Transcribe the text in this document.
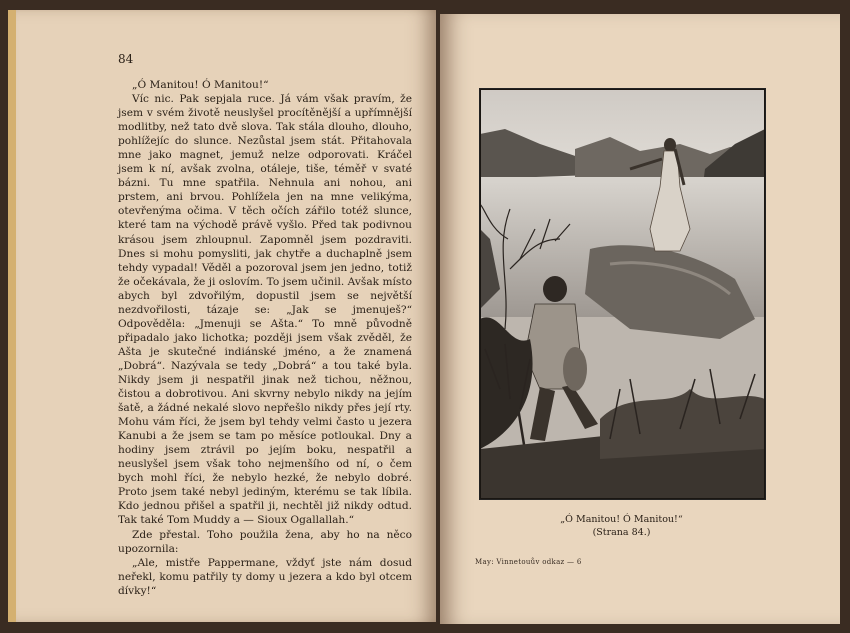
84

„Ó Manitou! Ó Manitou!“

Víc nic. Pak sepjala ruce. Já vám však pravím, že jsem v svém životě neuslyšel procítěnější a upřímnější modlitby, než tato dvě slova. Tak stála dlouho, dlouho, pohlížejíc do slunce. Nezůstal jsem stát. Přitahovala mne jako magnet, jemuž nelze odporovati. Kráčel jsem k ní, avšak zvolna, otáleje, tiše, téměř v svaté bázni. Tu mne spatřila. Nehnula ani nohou, ani prstem, ani brvou. Pohlížela jen na mne velikýma, otevřenýma očima. V těch očích zářilo totéž slunce, které tam na východě právě vyšlo. Před tak podivnou krásou jsem zhloupnul. Zapomněl jsem pozdraviti. Dnes si mohu pomysliti, jak chytře a duchaplně jsem tehdy vypadal! Věděl a pozoroval jsem jen jedno, totiž že očekávala, že ji oslovím. To jsem učinil. Avšak místo abych byl zdvořilým, dopustil jsem se největší nezdvořilosti, tázaje se: „Jak se jmenuješ?“ Odpověděla: „Jmenuji se Ašta.“ To mně původně připadalo jako lichotka; později jsem však zvěděl, že Ašta je skutečné indiánské jméno, a že znamená „Dobrá“. Nazývala se tedy „Dobrá“ a tou také byla. Nikdy jsem ji nespatřil jinak než tichou, něžnou, čistou a dobrotivou. Ani skvrny nebylo nikdy na jejím šatě, a žádné nekalé slovo nepřešlo nikdy přes její rty. Mohu vám říci, že jsem byl tehdy velmi často u jezera Kanubi a že jsem se tam po měsíce potloukal. Dny a hodiny jsem ztrávil po jejím boku, nespatřil a neuslyšel jsem však toho nejmenšího od ní, o čem bych mohl říci, že nebylo hezké, že nebylo dobré. Proto jsem také nebyl jediným, kterému se tak líbila. Kdo jednou přišel a spatřil ji, nechtěl již nikdy odtud. Tak také Tom Muddy a — Sioux Ogallallah.“

Zde přestal. Toho použila žena, aby ho na něco upozornila:

„Ale, mistře Pappermane, vždyť jste nám dosud neřekl, komu patřily ty domy u jezera a kdo byl otcem dívky!“

„Ó Manitou! Ó Manitou!“
(Strana 84.)
May: Vinnetouův odkaz — 6
